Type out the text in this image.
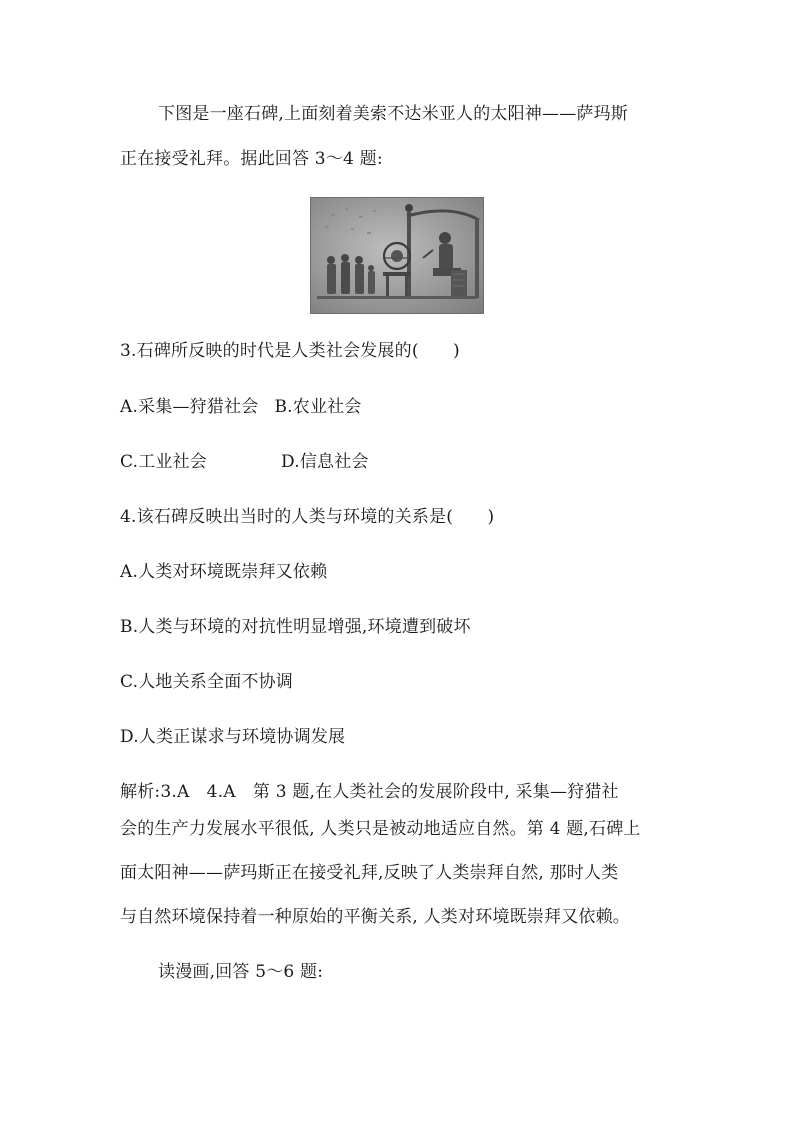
下图是一座石碑,上面刻着美索不达米亚人的太阳神——萨玛斯
正在接受礼拜。据此回答 3～4 题:
3.石碑所反映的时代是人类社会发展的(　　)
A.采集—狩猎社会 B.农业社会
C.工业社会	D.信息社会
4.该石碑反映出当时的人类与环境的关系是(　　)
A.人类对环境既崇拜又依赖
B.人类与环境的对抗性明显增强,环境遭到破坏
C.人地关系全面不协调
D.人类正谋求与环境协调发展
解析:3.A　4.A　第 3 题,在人类社会的发展阶段中, 采集—狩猎社
会的生产力发展水平很低, 人类只是被动地适应自然。第 4 题,石碑上
面太阳神——萨玛斯正在接受礼拜,反映了人类崇拜自然, 那时人类
与自然环境保持着一种原始的平衡关系, 人类对环境既崇拜又依赖。
读漫画,回答 5～6 题:
